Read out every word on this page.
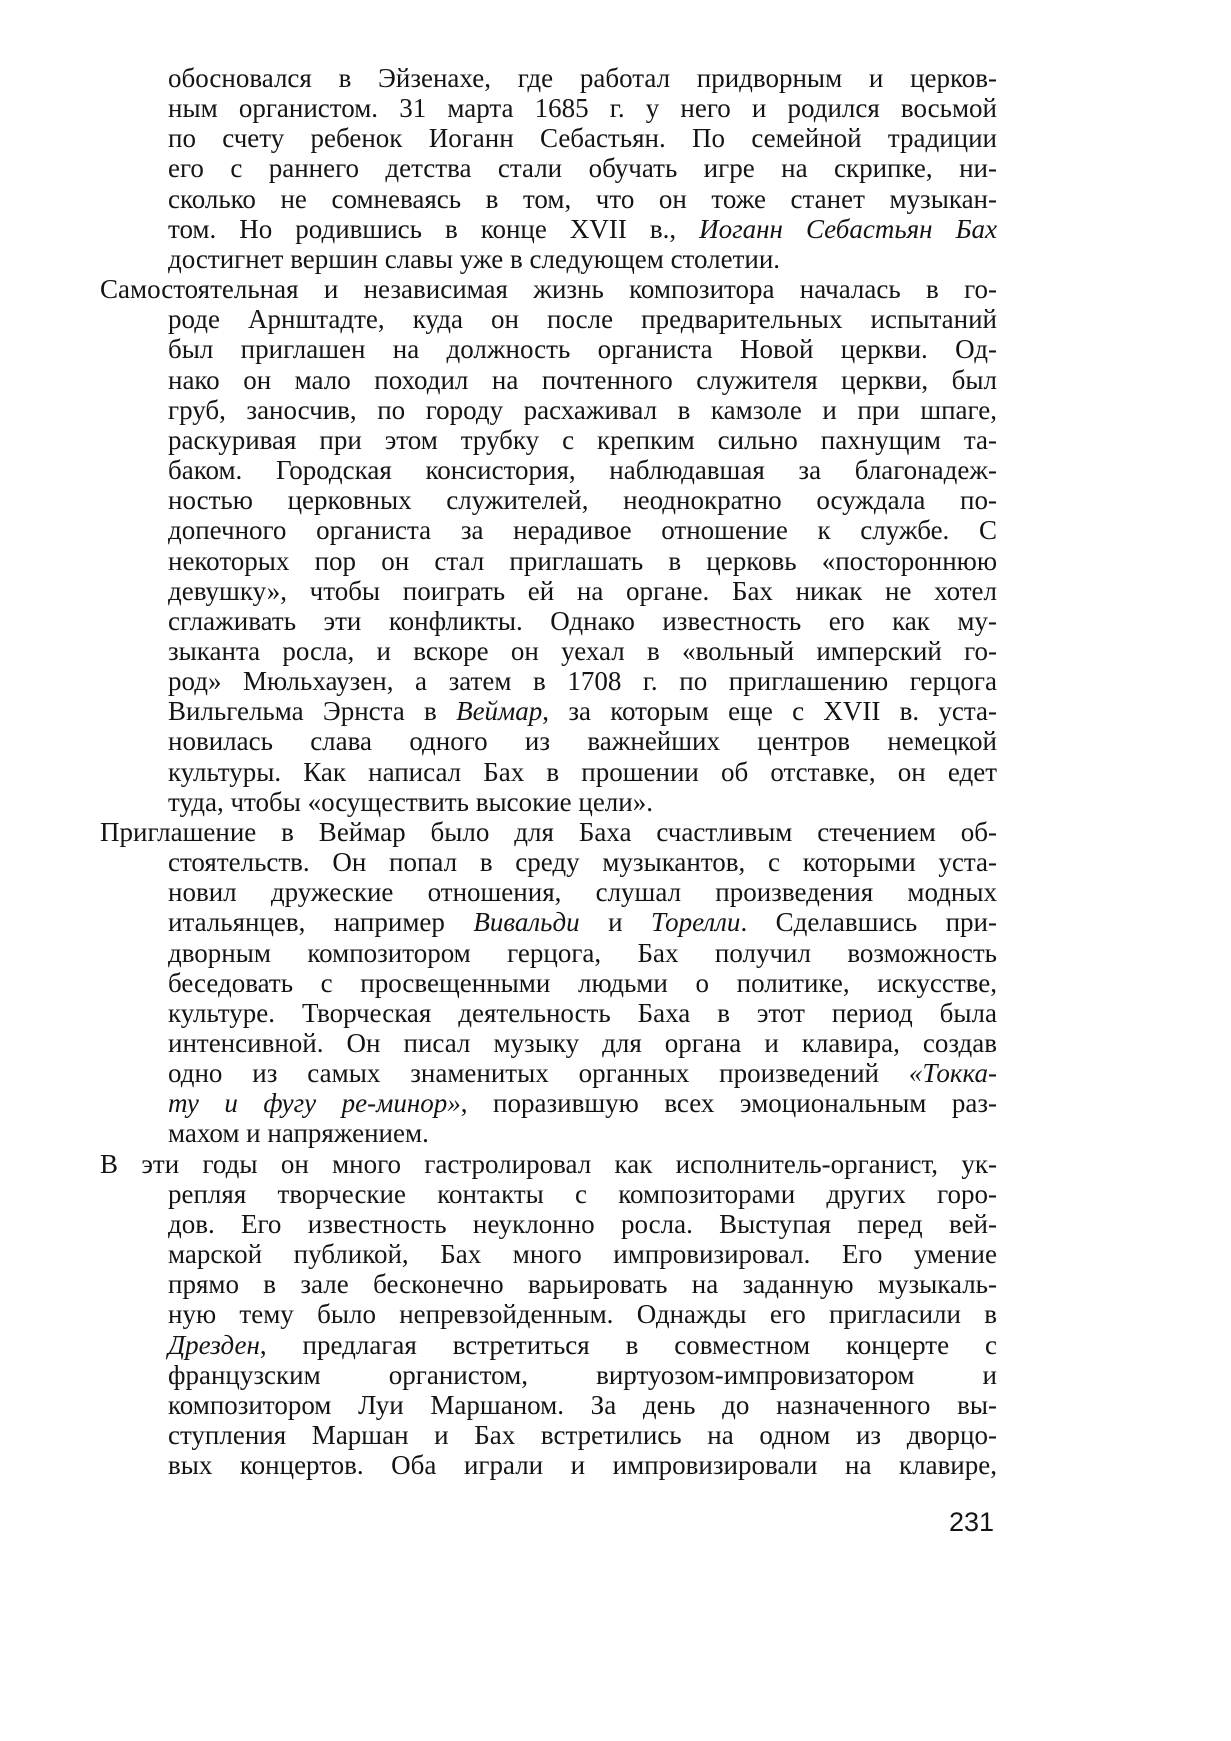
обосновался в Эйзенахе, где работал придворным и церков-
ным органистом. 31 марта 1685 г. у него и родился восьмой
по счету ребенок Иоганн Себастьян. По семейной традиции
его с раннего детства стали обучать игре на скрипке, ни-
сколько не сомневаясь в том, что он тоже станет музыкан-
том. Но родившись в конце XVII в., Иоганн Себастьян Бах
достигнет вершин славы уже в следующем столетии.
Самостоятельная и независимая жизнь композитора началась в го-
роде Арнштадте, куда он после предварительных испытаний
был приглашен на должность органиста Новой церкви. Од-
нако он мало походил на почтенного служителя церкви, был
груб, заносчив, по городу расхаживал в камзоле и при шпаге,
раскуривая при этом трубку с крепким сильно пахнущим та-
баком. Городская консистория, наблюдавшая за благонадеж-
ностью церковных служителей, неоднократно осуждала по-
допечного органиста за нерадивое отношение к службе. С
некоторых пор он стал приглашать в церковь «постороннюю
девушку», чтобы поиграть ей на органе. Бах никак не хотел
сглаживать эти конфликты. Однако известность его как му-
зыканта росла, и вскоре он уехал в «вольный имперский го-
род» Мюльхаузен, а затем в 1708 г. по приглашению герцога
Вильгельма Эрнста в Веймар, за которым еще с XVII в. уста-
новилась слава одного из важнейших центров немецкой
культуры. Как написал Бах в прошении об отставке, он едет
туда, чтобы «осуществить высокие цели».
Приглашение в Веймар было для Баха счастливым стечением об-
стоятельств. Он попал в среду музыкантов, с которыми уста-
новил дружеские отношения, слушал произведения модных
итальянцев, например Вивальди и Торелли. Сделавшись при-
дворным композитором герцога, Бах получил возможность
беседовать с просвещенными людьми о политике, искусстве,
культуре. Творческая деятельность Баха в этот период была
интенсивной. Он писал музыку для органа и клавира, создав
одно из самых знаменитых органных произведений «Токка-
ту и фугу ре-минор», поразившую всех эмоциональным раз-
махом и напряжением.
В эти годы он много гастролировал как исполнитель-органист, ук-
репляя творческие контакты с композиторами других горо-
дов. Его известность неуклонно росла. Выступая перед вей-
марской публикой, Бах много импровизировал. Его умение
прямо в зале бесконечно варьировать на заданную музыкаль-
ную тему было непревзойденным. Однажды его пригласили в
Дрезден, предлагая встретиться в совместном концерте с
французским органистом, виртуозом-импровизатором и
композитором Луи Маршаном. За день до назначенного вы-
ступления Маршан и Бах встретились на одном из дворцо-
вых концертов. Оба играли и импровизировали на клавире,
231
